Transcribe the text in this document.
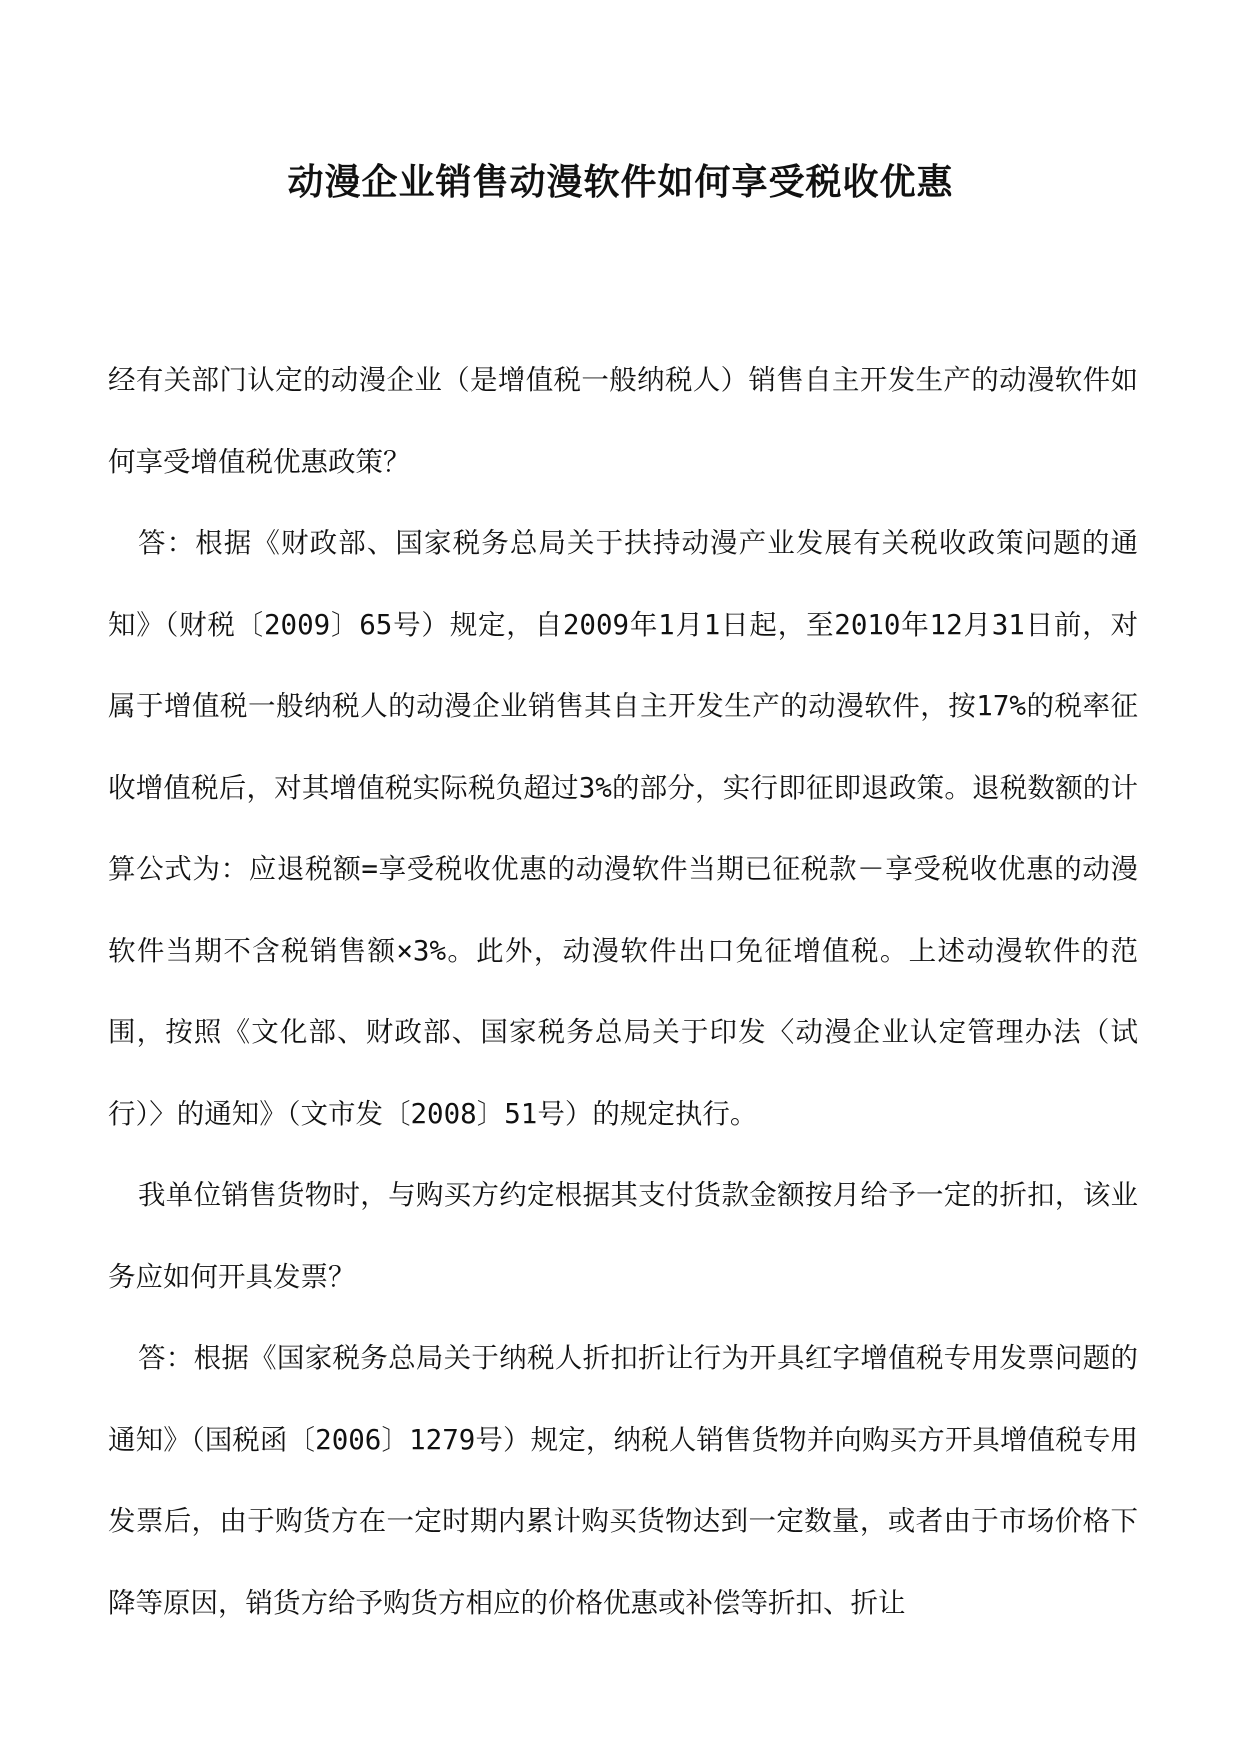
动漫企业销售动漫软件如何享受税收优惠

经有关部门认定的动漫企业（是增值税一般纳税人）销售自主开发生产的动漫软件如何享受增值税优惠政策？

答：根据《财政部、国家税务总局关于扶持动漫产业发展有关税收政策问题的通知》（财税〔2009〕65号）规定，自2009年1月1日起，至2010年12月31日前，对属于增值税一般纳税人的动漫企业销售其自主开发生产的动漫软件，按17%的税率征收增值税后，对其增值税实际税负超过3%的部分，实行即征即退政策。退税数额的计算公式为：应退税额=享受税收优惠的动漫软件当期已征税款－享受税收优惠的动漫软件当期不含税销售额×3%。此外，动漫软件出口免征增值税。上述动漫软件的范围，按照《文化部、财政部、国家税务总局关于印发〈动漫企业认定管理办法（试行）〉的通知》（文市发〔2008〕51号）的规定执行。

我单位销售货物时，与购买方约定根据其支付货款金额按月给予一定的折扣，该业务应如何开具发票？

答：根据《国家税务总局关于纳税人折扣折让行为开具红字增值税专用发票问题的通知》（国税函〔2006〕1279号）规定，纳税人销售货物并向购买方开具增值税专用发票后，由于购货方在一定时期内累计购买货物达到一定数量，或者由于市场价格下降等原因，销货方给予购货方相应的价格优惠或补偿等折扣、折让
